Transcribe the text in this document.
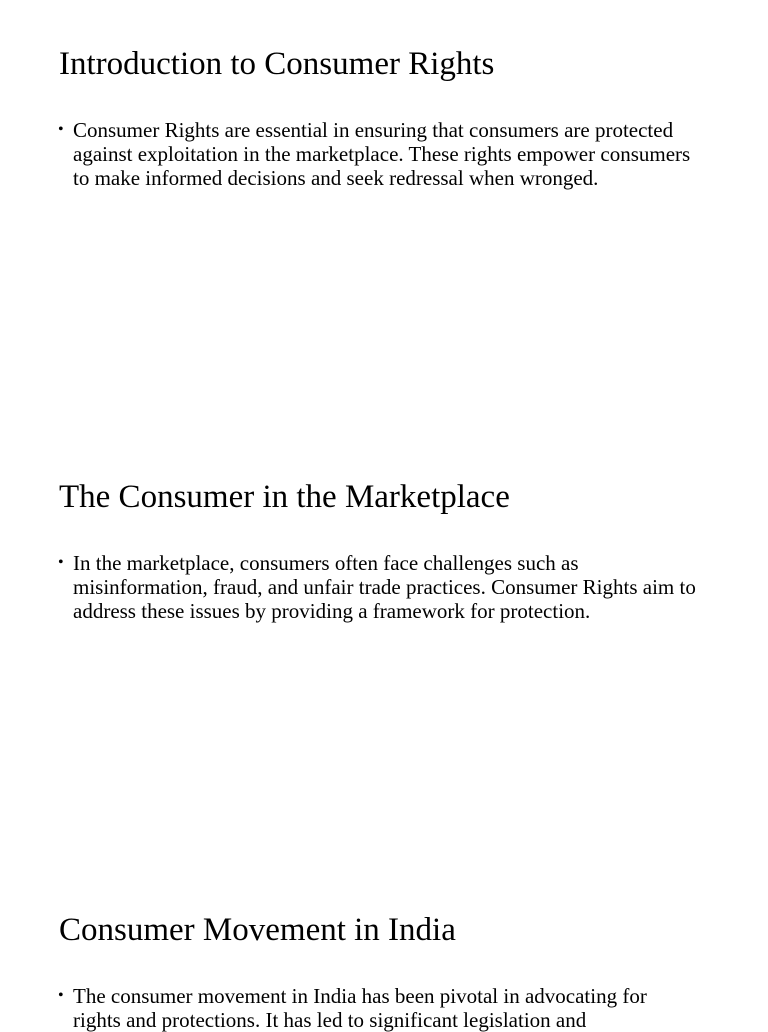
Introduction to Consumer Rights
• Consumer Rights are essential in ensuring that consumers are protected against exploitation in the marketplace. These rights empower consumers to make informed decisions and seek redressal when wronged.
The Consumer in the Marketplace
• In the marketplace, consumers often face challenges such as misinformation, fraud, and unfair trade practices. Consumer Rights aim to address these issues by providing a framework for protection.
Consumer Movement in India
• The consumer movement in India has been pivotal in advocating for rights and protections. It has led to significant legislation and
